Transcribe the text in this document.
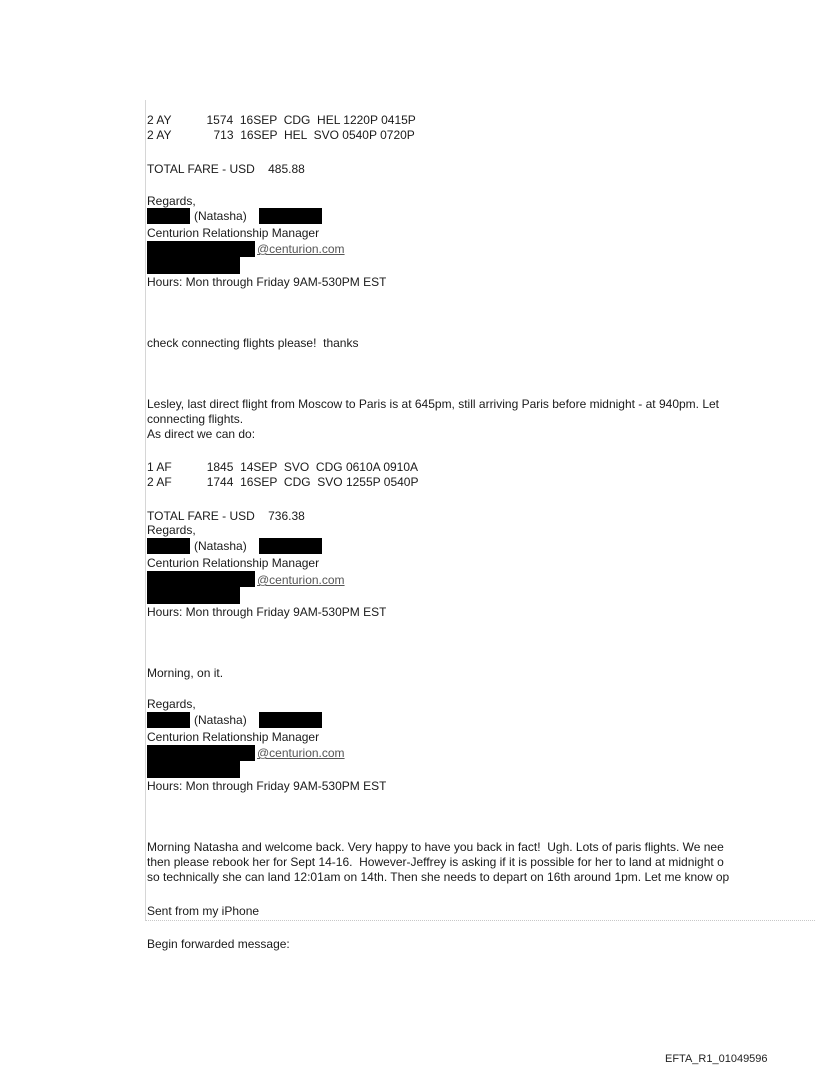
2 AY	1574 16SEP CDG HEL 1220P 0415P
2 AY	713 16SEP HEL SVO 0540P 0720P
TOTAL FARE - USD    485.88
Regards,
(Natasha)
Centurion Relationship Manager
@centurion.com
Hours: Mon through Friday 9AM-530PM EST
check connecting flights please!  thanks
Lesley, last direct flight from Moscow to Paris is at 645pm, still arriving Paris before midnight - at 940pm. Let
connecting flights.
As direct we can do:
1 AF	1845 14SEP SVO CDG 0610A 0910A
2 AF	1744 16SEP CDG SVO 1255P 0540P
TOTAL FARE - USD    736.38
Regards,
(Natasha)
Centurion Relationship Manager
@centurion.com
Hours: Mon through Friday 9AM-530PM EST
Morning, on it.
Regards,
(Natasha)
Centurion Relationship Manager
@centurion.com
Hours: Mon through Friday 9AM-530PM EST
Morning Natasha and welcome back. Very happy to have you back in fact!  Ugh. Lots of paris flights. We nee
then please rebook her for Sept 14-16.  However-Jeffrey is asking if it is possible for her to land at midnight o
so technically she can land 12:01am on 14th. Then she needs to depart on 16th around 1pm. Let me know op
Sent from my iPhone
Begin forwarded message:
EFTA_R1_01049596
